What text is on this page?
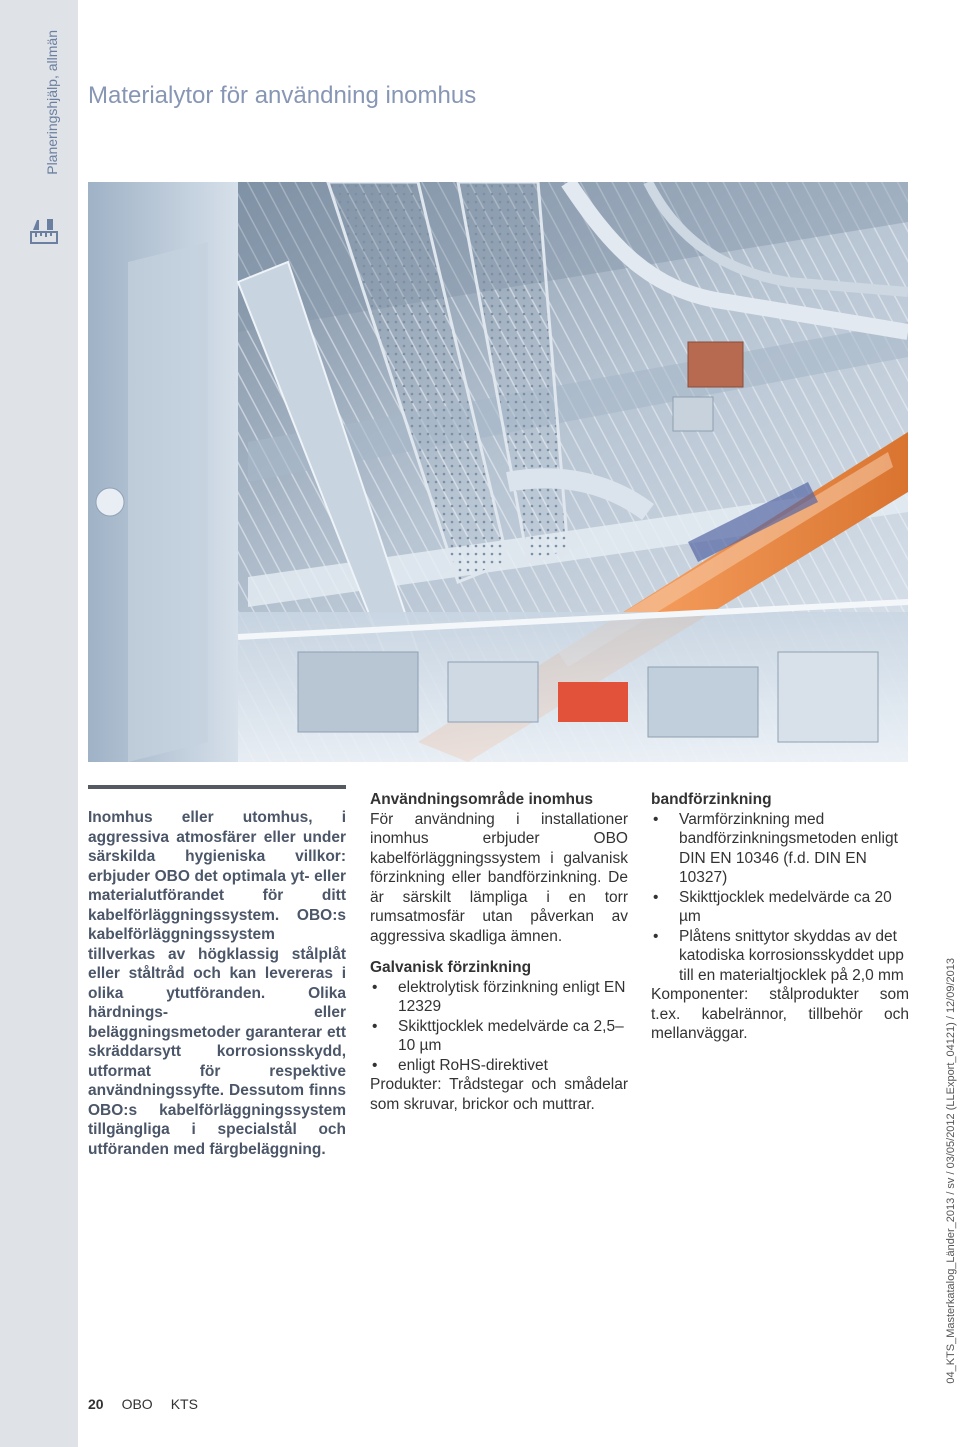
Planeringshjälp, allmän Materialytor för användning inomhus

Inomhus eller utomhus, i aggressiva atmosfärer eller under särskilda hygieniska villkor: erbjuder OBO det optimala yt- eller materialutförandet för ditt kabelförläggningssystem. OBO:s kabelförläggningssystem tillverkas av högklassig stålplåt eller ståltråd och kan levereras i olika ytutföranden. Olika härdnings- eller beläggningsmetoder garanterar ett skräddarsytt korrosionsskydd, utformat för respektive användningssyfte. Dessutom finns OBO:s kabelförläggningssystem tillgängliga i specialstål och utföranden med färgbeläggning.

Användningsområde inomhus

För användning i installationer inomhus erbjuder OBO kabelförläggningssystem i galvanisk förzinkning eller bandförzinkning. De är särskilt lämpliga i en torr rumsatmosfär utan påverkan av aggressiva skadliga ämnen.

Galvanisk förzinkning
• elektrolytisk förzinkning enligt EN 12329
• Skikttjocklek medelvärde ca 2,5–10 µm
• enligt RoHS-direktivet

Produkter: Trådstegar och smådelar som skruvar, brickor och muttrar.

bandförzinkning
• Varmförzinkning med bandförzinkningsmetoden enligt DIN EN 10346 (f.d. DIN EN 10327)
• Skikttjocklek medelvärde ca 20 µm
• Plåtens snittytor skyddas av det katodiska korrosionsskyddet upp till en materialtjocklek på 2,0 mm

Komponenter: stålprodukter som t.ex. kabelrännor, tillbehör och mellanväggar.	04_KTS_Masterkatalog_Länder_2013 / sv / 03/05/2012 (LLExport_04121) / 12/09/2013
20 OBO KTS
